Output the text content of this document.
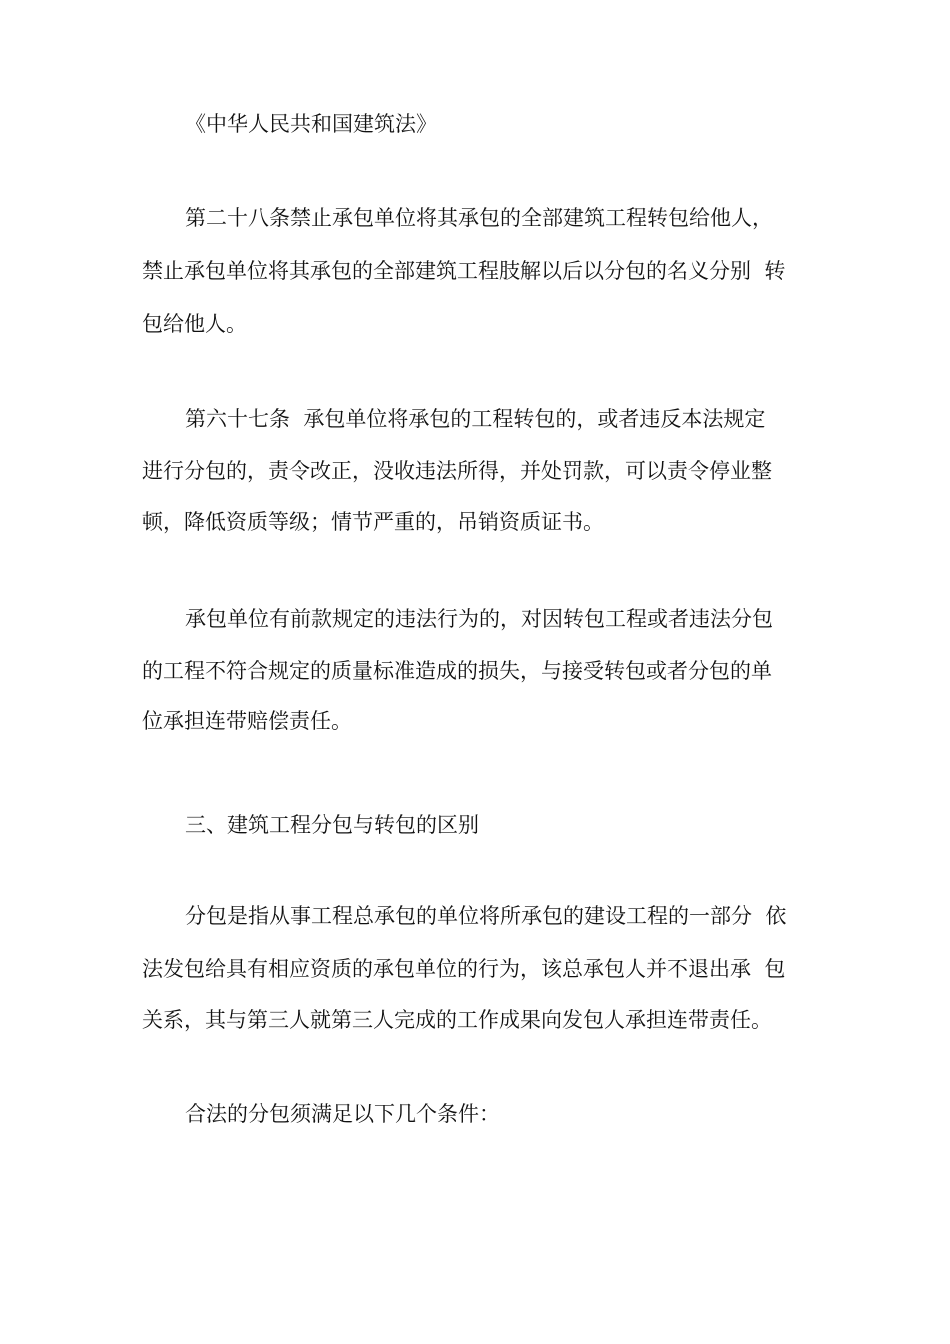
《中华人民共和国建筑法》
第二十八条禁止承包单位将其承包的全部建筑工程转包给他人，
禁止承包单位将其承包的全部建筑工程肢解以后以分包的名义分别  转
包给他人。
第六十七条  承包单位将承包的工程转包的，或者违反本法规定
进行分包的，责令改正，没收违法所得，并处罚款，可以责令停业整
顿，降低资质等级；情节严重的，吊销资质证书。
承包单位有前款规定的违法行为的，对因转包工程或者违法分包
的工程不符合规定的质量标准造成的损失，与接受转包或者分包的单
位承担连带赔偿责任。
三、建筑工程分包与转包的区别
分包是指从事工程总承包的单位将所承包的建设工程的一部分  依
法发包给具有相应资质的承包单位的行为，该总承包人并不退出承  包
关系，其与第三人就第三人完成的工作成果向发包人承担连带责任。
合法的分包须满足以下几个条件：
